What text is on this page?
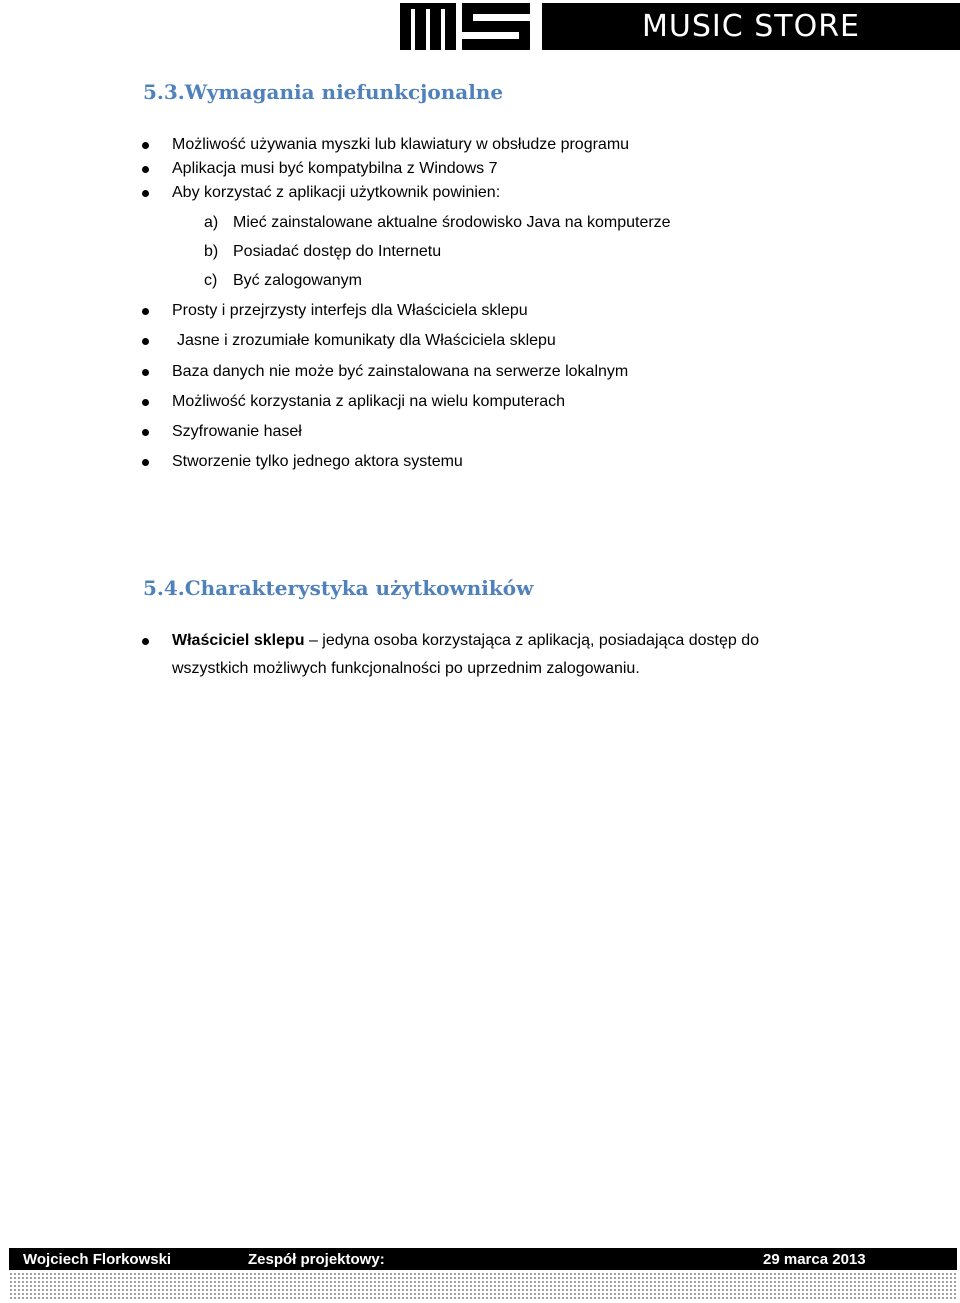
MUSIC STORE
5.3.Wymagania niefunkcjonalne
Możliwość używania myszki lub klawiatury w obsłudze programu
Aplikacja musi być kompatybilna z Windows 7
Aby korzystać z aplikacji użytkownik powinien:
a) Mieć zainstalowane aktualne środowisko Java na komputerze
b) Posiadać dostęp do Internetu
c) Być zalogowanym
Prosty i przejrzysty interfejs dla Właściciela sklepu
Jasne i zrozumiałe komunikaty dla Właściciela sklepu
Baza danych nie może być zainstalowana na serwerze lokalnym
Możliwość korzystania z aplikacji na wielu komputerach
Szyfrowanie haseł
Stworzenie tylko jednego aktora systemu
5.4.Charakterystyka użytkowników
Właściciel sklepu – jedyna osoba korzystająca z aplikacją, posiadająca dostęp do wszystkich możliwych funkcjonalności po uprzednim zalogowaniu.
Wojciech Florkowski	Zespół projektowy:	29 marca 2013
